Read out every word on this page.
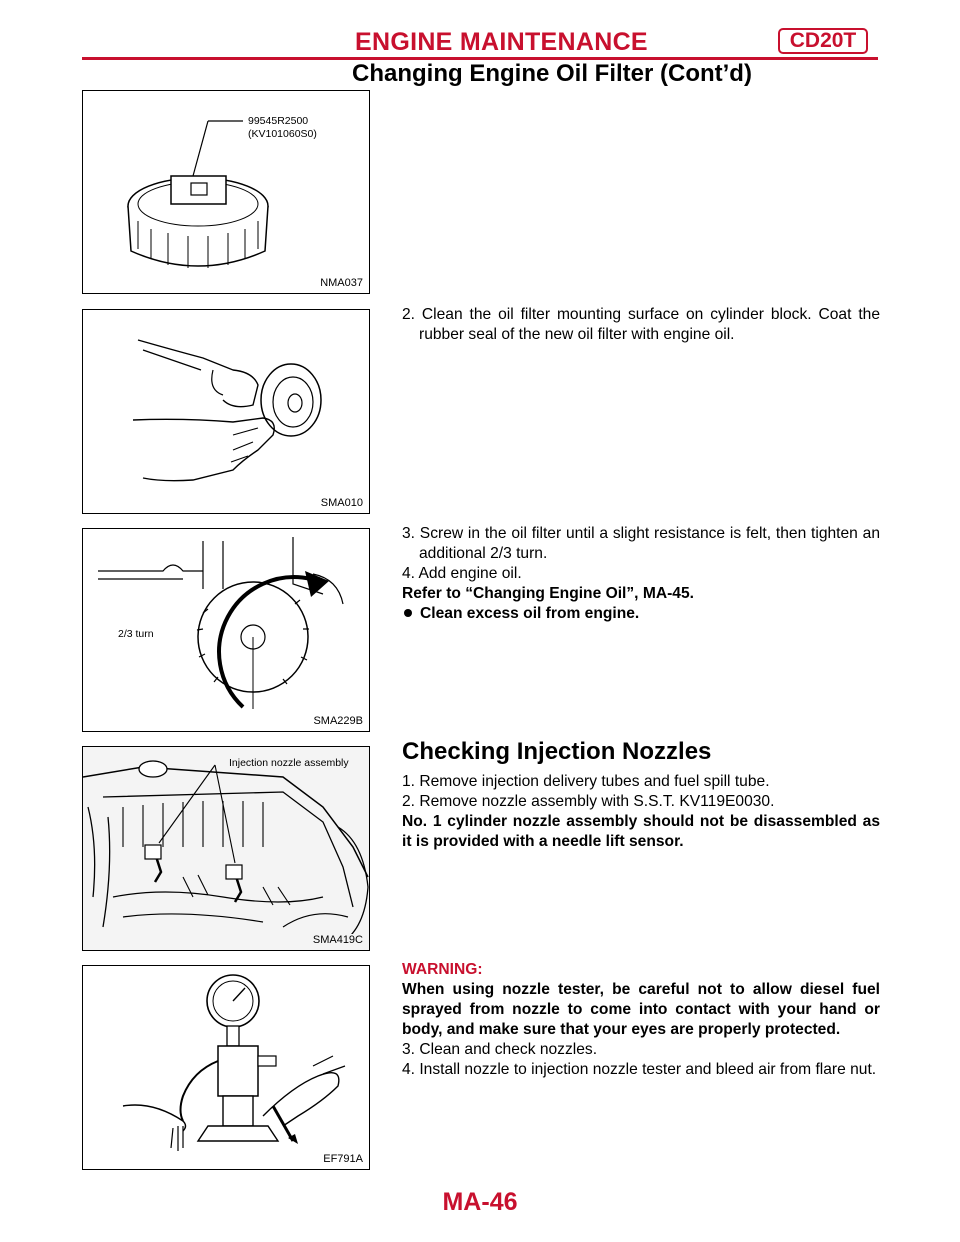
ENGINE MAINTENANCE	CD20T
Changing Engine Oil Filter (Cont’d)
99545R2500
(KV101060S0)
NMA037
SMA010
2/3 turn
SMA229B
Injection nozzle assembly
SMA419C
EF791A

2. Clean the oil filter mounting surface on cylinder block. Coat the rubber seal of the new oil filter with engine oil.

3. Screw in the oil filter until a slight resistance is felt, then tighten an additional 2/3 turn.

4. Add engine oil.

Refer to “Changing Engine Oil”, MA-45.

Clean excess oil from engine.

Checking Injection Nozzles

1. Remove injection delivery tubes and fuel spill tube.

2. Remove nozzle assembly with S.S.T. KV119E0030.

No. 1 cylinder nozzle assembly should not be disassembled as it is provided with a needle lift sensor.

WARNING:

When using nozzle tester, be careful not to allow diesel fuel sprayed from nozzle to come into contact with your hand or body, and make sure that your eyes are properly protected.

3. Clean and check nozzles.

4. Install nozzle to injection nozzle tester and bleed air from flare nut.

MA-46
